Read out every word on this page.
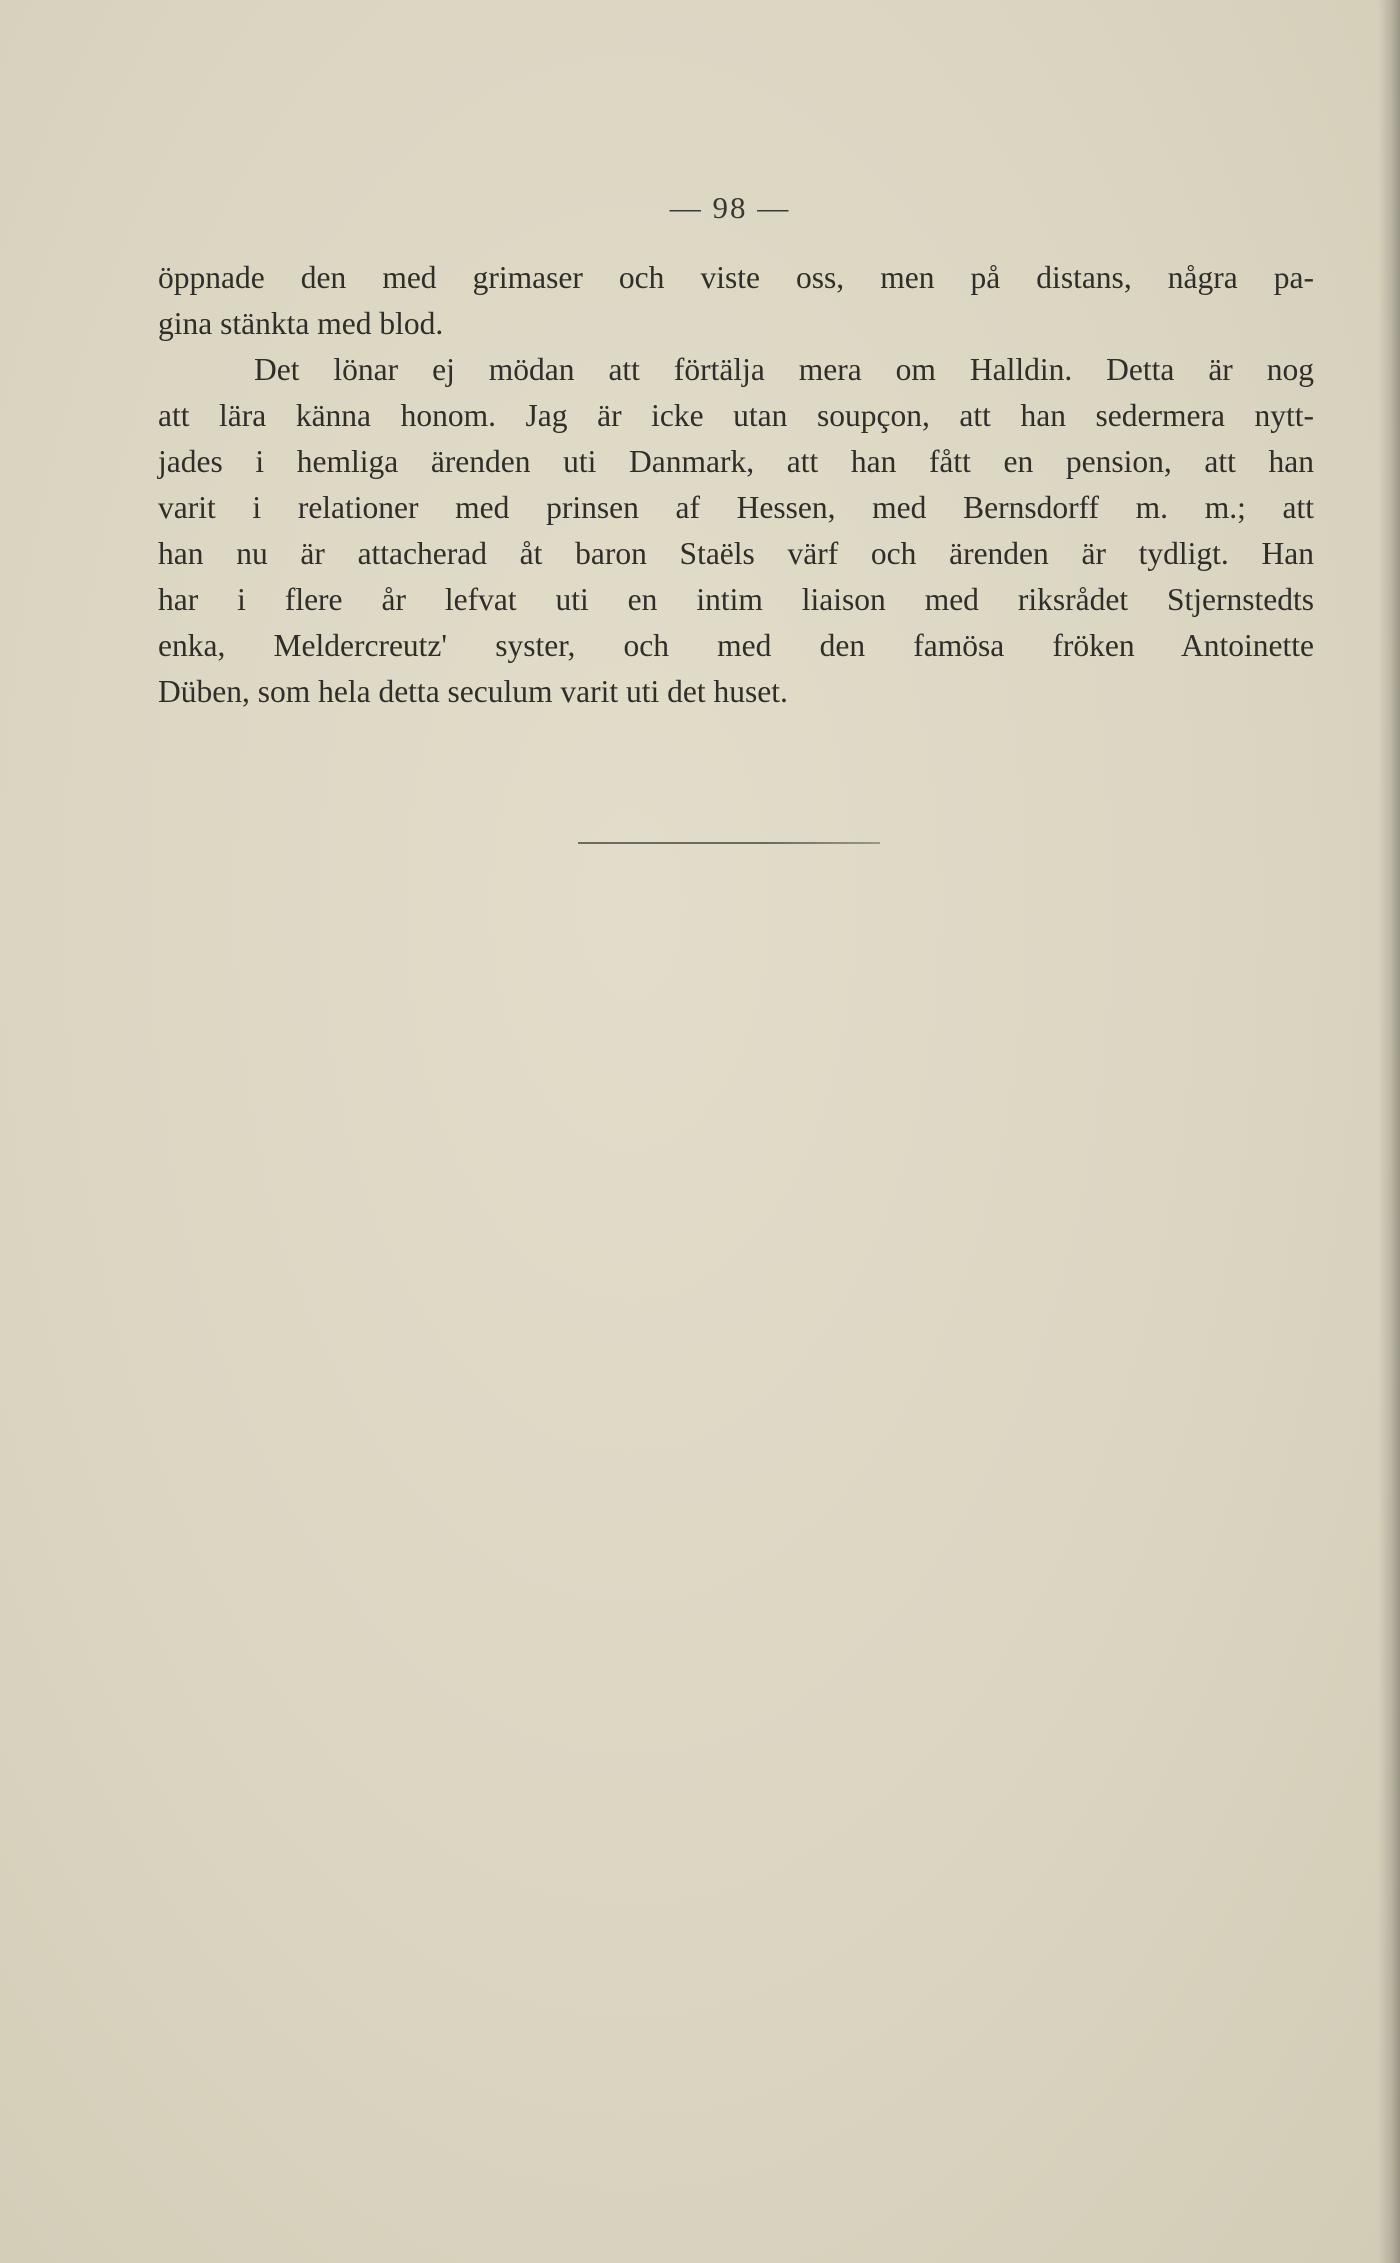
— 98 —
öppnade den med grimaser och viste oss, men på distans, några pa-
gina stänkta med blod.
Det lönar ej mödan att förtälja mera om Halldin. Detta är nog
att lära känna honom. Jag är icke utan soupçon, att han sedermera nytt-
jades i hemliga ärenden uti Danmark, att han fått en pension, att han
varit i relationer med prinsen af Hessen, med Bernsdorff m. m.; att
han nu är attacherad åt baron Staëls värf och ärenden är tydligt. Han
har i flere år lefvat uti en intim liaison med riksrådet Stjernstedts
enka, Meldercreutz' syster, och med den famösa fröken Antoinette
Düben, som hela detta seculum varit uti det huset.
